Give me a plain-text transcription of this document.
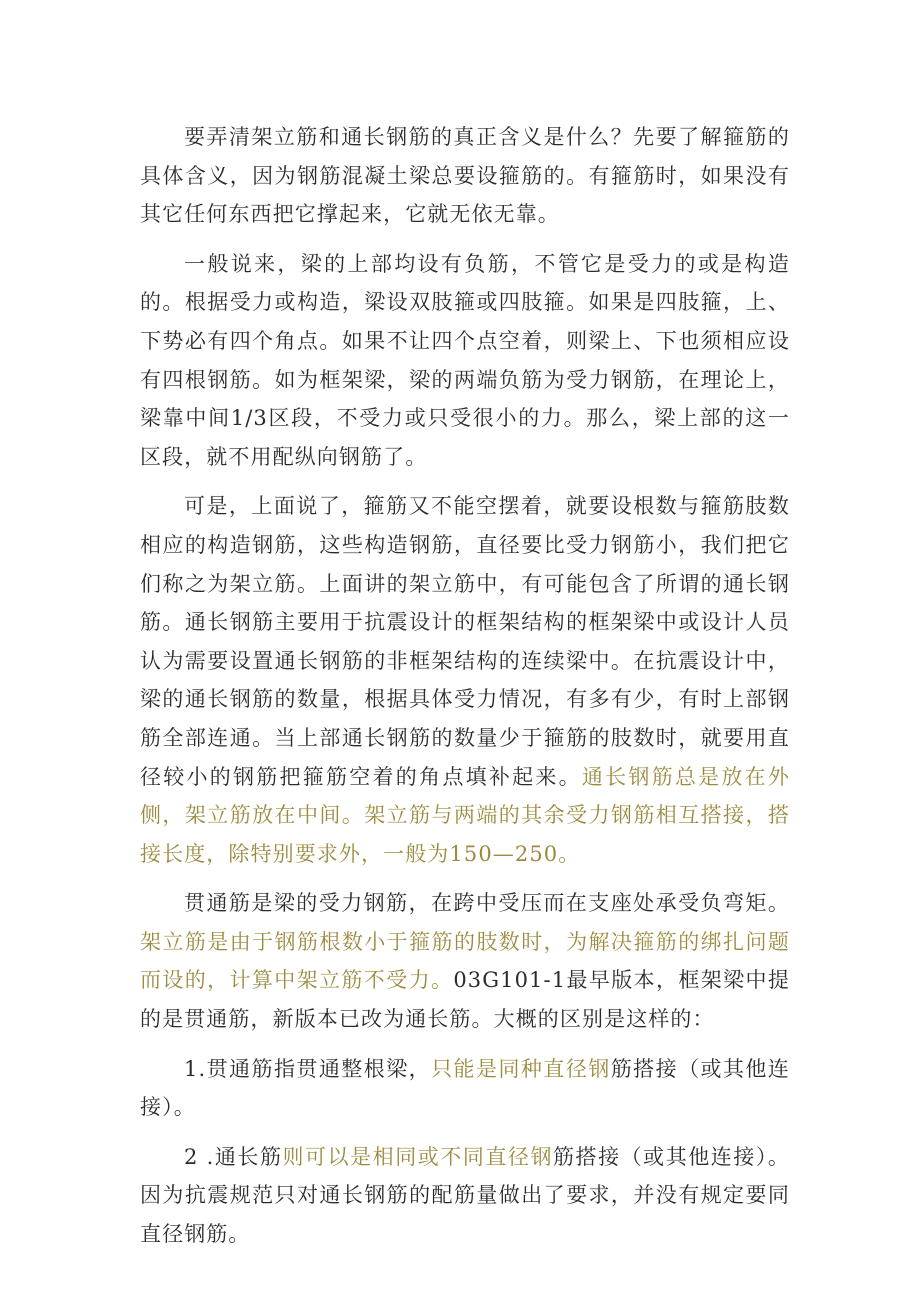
要弄清架立筋和通长钢筋的真正含义是什么？先要了解箍筋的具体含义，因为钢筋混凝土梁总要设箍筋的。有箍筋时，如果没有其它任何东西把它撑起来，它就无依无靠。

一般说来，梁的上部均设有负筋，不管它是受力的或是构造的。根据受力或构造，梁设双肢箍或四肢箍。如果是四肢箍，上、下势必有四个角点。如果不让四个点空着，则梁上、下也须相应设有四根钢筋。如为框架梁，梁的两端负筋为受力钢筋，在理论上，梁靠中间1/3区段，不受力或只受很小的力。那么，梁上部的这一区段，就不用配纵向钢筋了。

可是，上面说了，箍筋又不能空摆着，就要设根数与箍筋肢数相应的构造钢筋，这些构造钢筋，直径要比受力钢筋小，我们把它们称之为架立筋。上面讲的架立筋中，有可能包含了所谓的通长钢筋。通长钢筋主要用于抗震设计的框架结构的框架梁中或设计人员认为需要设置通长钢筋的非框架结构的连续梁中。在抗震设计中，梁的通长钢筋的数量，根据具体受力情况，有多有少，有时上部钢筋全部连通。当上部通长钢筋的数量少于箍筋的肢数时，就要用直径较小的钢筋把箍筋空着的角点填补起来。通长钢筋总是放在外侧，架立筋放在中间。架立筋与两端的其余受力钢筋相互搭接，搭接长度，除特别要求外，一般为150—250。

贯通筋是梁的受力钢筋，在跨中受压而在支座处承受负弯矩。架立筋是由于钢筋根数小于箍筋的肢数时，为解决箍筋的绑扎问题而设的，计算中架立筋不受力。03G101-1最早版本，框架梁中提的是贯通筋，新版本已改为通长筋。大概的区别是这样的：

1.贯通筋指贯通整根梁，只能是同种直径钢筋搭接（或其他连接）。

2 .通长筋则可以是相同或不同直径钢筋搭接（或其他连接）。因为抗震规范只对通长钢筋的配筋量做出了要求，并没有规定要同直径钢筋。
